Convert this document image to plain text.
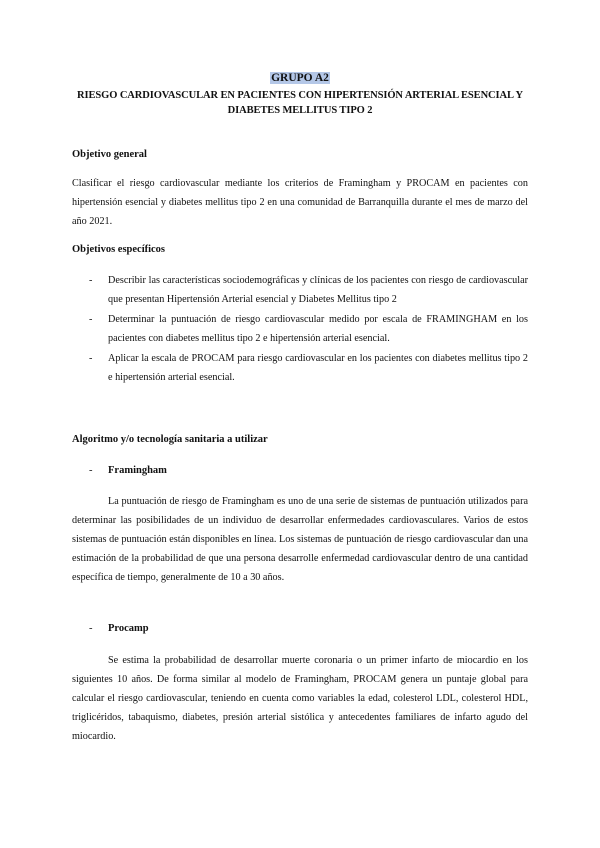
GRUPO A2
RIESGO CARDIOVASCULAR EN PACIENTES CON HIPERTENSIÓN ARTERIAL ESENCIAL Y DIABETES MELLITUS TIPO 2
Objetivo general
Clasificar el riesgo cardiovascular mediante los criterios de Framingham y PROCAM en pacientes con hipertensión esencial y diabetes mellitus tipo 2 en una comunidad de Barranquilla durante el mes de marzo del año 2021.
Objetivos específicos
- Describir las características sociodemográficas y clínicas de los pacientes con riesgo de cardiovascular que presentan Hipertensión Arterial esencial y Diabetes Mellitus tipo 2
- Determinar la puntuación de riesgo cardiovascular medido por escala de FRAMINGHAM en los pacientes con diabetes mellitus tipo 2 e hipertensión arterial esencial.
- Aplicar la escala de PROCAM para riesgo cardiovascular en los pacientes con diabetes mellitus tipo 2 e hipertensión arterial esencial.
Algoritmo y/o tecnología sanitaria a utilizar
- Framingham
La puntuación de riesgo de Framingham es uno de una serie de sistemas de puntuación utilizados para determinar las posibilidades de un individuo de desarrollar enfermedades cardiovasculares. Varios de estos sistemas de puntuación están disponibles en línea. Los sistemas de puntuación de riesgo cardiovascular dan una estimación de la probabilidad de que una persona desarrolle enfermedad cardiovascular dentro de una cantidad específica de tiempo, generalmente de 10 a 30 años.
- Procamp
Se estima la probabilidad de desarrollar muerte coronaria o un primer infarto de miocardio en los siguientes 10 años. De forma similar al modelo de Framingham, PROCAM genera un puntaje global para calcular el riesgo cardiovascular, teniendo en cuenta como variables la edad, colesterol LDL, colesterol HDL, triglicéridos, tabaquismo, diabetes, presión arterial sistólica y antecedentes familiares de infarto agudo del miocardio.
